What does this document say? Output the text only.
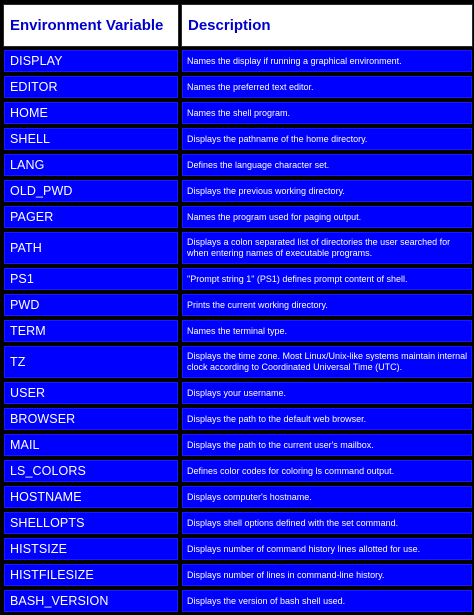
Environment Variable	Description
DISPLAY	Names the display if running a graphical environment.
EDITOR	Names the preferred text editor.
HOME	Names the shell program.
SHELL	Displays the pathname of the home directory.
LANG	Defines the language character set.
OLD_PWD	Displays the previous working directory.
PAGER	Names the program used for paging output.
PATH	Displays a colon separated list of directories the user searched for when entering names of executable programs.
PS1	"Prompt string 1" (PS1) defines prompt content of shell.
PWD	Prints the current working directory.
TERM	Names the terminal type.
TZ	Displays the time zone. Most Linux/Unix-like systems maintain internal clock according to Coordinated Universal Time (UTC).
USER	Displays your username.
BROWSER	Displays the path to the default web browser.
MAIL	Displays the path to the current user's mailbox.
LS_COLORS	Defines color codes for coloring ls command output.
HOSTNAME	Displays computer's hostname.
SHELLOPTS	Displays shell options defined with the set command.
HISTSIZE	Displays number of command history lines allotted for use.
HISTFILESIZE	Displays number of lines in command-line history.
BASH_VERSION	Displays the version of bash shell used.
